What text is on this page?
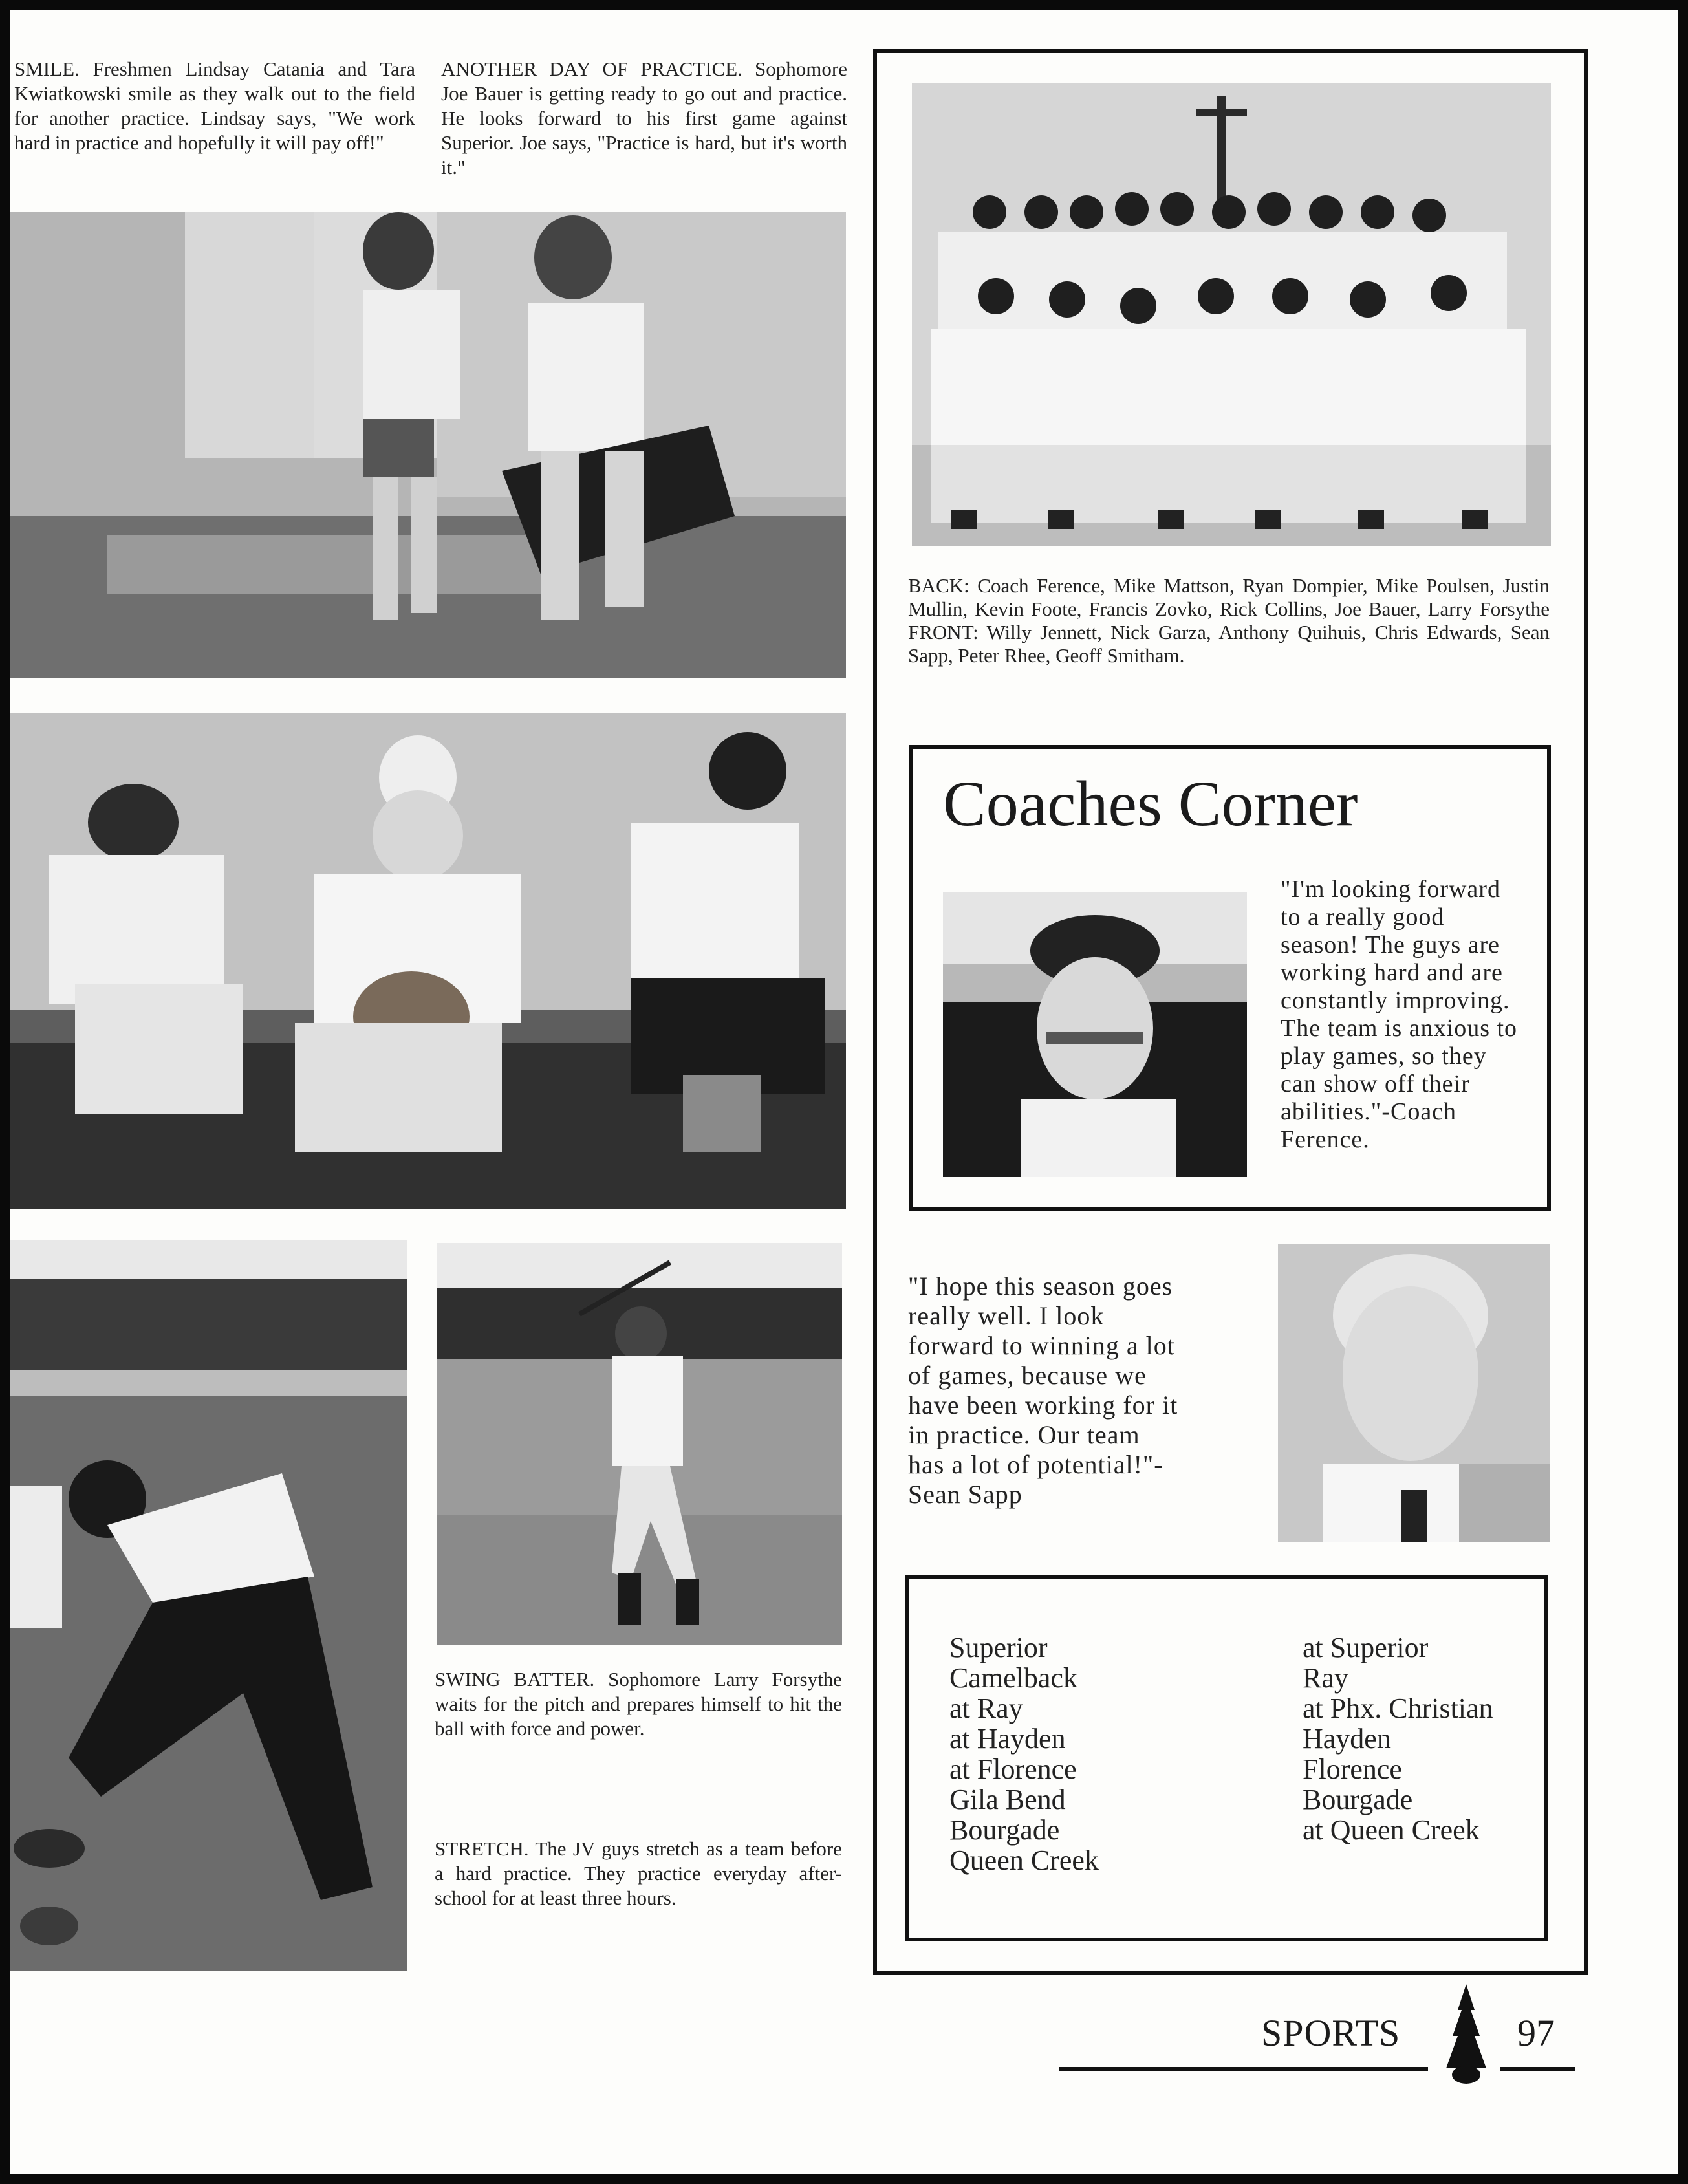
SMILE. Freshmen Lindsay Catania and Tara Kwiatkowski smile as they walk out to the field for another practice. Lindsay says, "We work hard in practice and hopefully it will pay off!"
ANOTHER DAY OF PRACTICE. Sophomore Joe Bauer is getting ready to go out and practice. He looks forward to his first game against Superior. Joe says, "Practice is hard, but it's worth it."
SWING BATTER. Sophomore Larry Forsythe waits for the pitch and prepares himself to hit the ball with force and power.
STRETCH. The JV guys stretch as a team before a hard practice. They practice everyday after-school for at least three hours.
BACK: Coach Ference, Mike Mattson, Ryan Dompier, Mike Poulsen, Justin Mullin, Kevin Foote, Francis Zovko, Rick Collins, Joe Bauer, Larry Forsythe FRONT: Willy Jennett, Nick Garza, Anthony Quihuis, Chris Edwards, Sean Sapp, Peter Rhee, Geoff Smitham.
Coaches Corner
"I'm looking forward to a really good season! The guys are working hard and are constantly improving. The team is anxious to play games, so they can show off their abilities."-Coach Ference.
"I hope this season goes really well. I look forward to winning a lot of games, because we have been working for it in practice. Our team has a lot of potential!"-Sean Sapp
Superior
Camelback
at Ray
at Hayden
at Florence
Gila Bend
Bourgade
Queen Creek
at Superior
Ray
at Phx. Christian
Hayden
Florence
Bourgade
at Queen Creek
SPORTS	97
